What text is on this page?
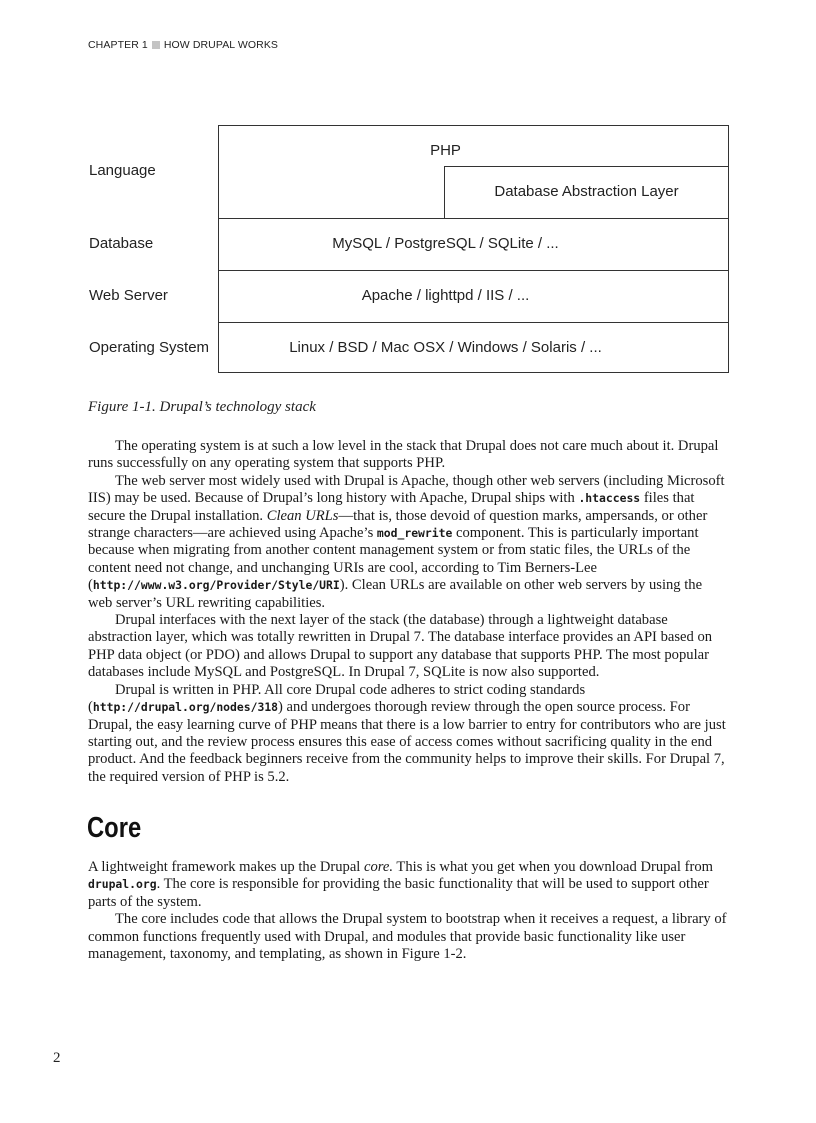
CHAPTER 1 HOW DRUPAL WORKS
Language
Database
Web Server
Operating System
PHP
Database Abstraction Layer
MySQL / PostgreSQL / SQLite / ...
Apache / lighttpd / IIS / ...
Linux / BSD / Mac OSX / Windows / Solaris / ...
Figure 1-1. Drupal’s technology stack

The operating system is at such a low level in the stack that Drupal does not care much about it. Drupal runs successfully on any operating system that supports PHP.

The web server most widely used with Drupal is Apache, though other web servers (including Microsoft IIS) may be used. Because of Drupal’s long history with Apache, Drupal ships with .htaccess files that secure the Drupal installation. Clean URLs—that is, those devoid of question marks, ampersands, or other strange characters—are achieved using Apache’s mod_rewrite component. This is particularly important because when migrating from another content management system or from static files, the URLs of the content need not change, and unchanging URIs are cool, according to Tim Berners-Lee (http://www.w3.org/Provider/Style/URI). Clean URLs are available on other web servers by using the web server’s URL rewriting capabilities.

Drupal interfaces with the next layer of the stack (the database) through a lightweight database abstraction layer, which was totally rewritten in Drupal 7. The database interface provides an API based on PHP data object (or PDO) and allows Drupal to support any database that supports PHP. The most popular databases include MySQL and PostgreSQL. In Drupal 7, SQLite is now also supported.

Drupal is written in PHP. All core Drupal code adheres to strict coding standards (http://drupal.org/nodes/318) and undergoes thorough review through the open source process. For Drupal, the easy learning curve of PHP means that there is a low barrier to entry for contributors who are just starting out, and the review process ensures this ease of access comes without sacrificing quality in the end product. And the feedback beginners receive from the community helps to improve their skills. For Drupal 7, the required version of PHP is 5.2.

Core

A lightweight framework makes up the Drupal core. This is what you get when you download Drupal from drupal.org. The core is responsible for providing the basic functionality that will be used to support other parts of the system.

The core includes code that allows the Drupal system to bootstrap when it receives a request, a library of common functions frequently used with Drupal, and modules that provide basic functionality like user management, taxonomy, and templating, as shown in Figure 1-2.

2
